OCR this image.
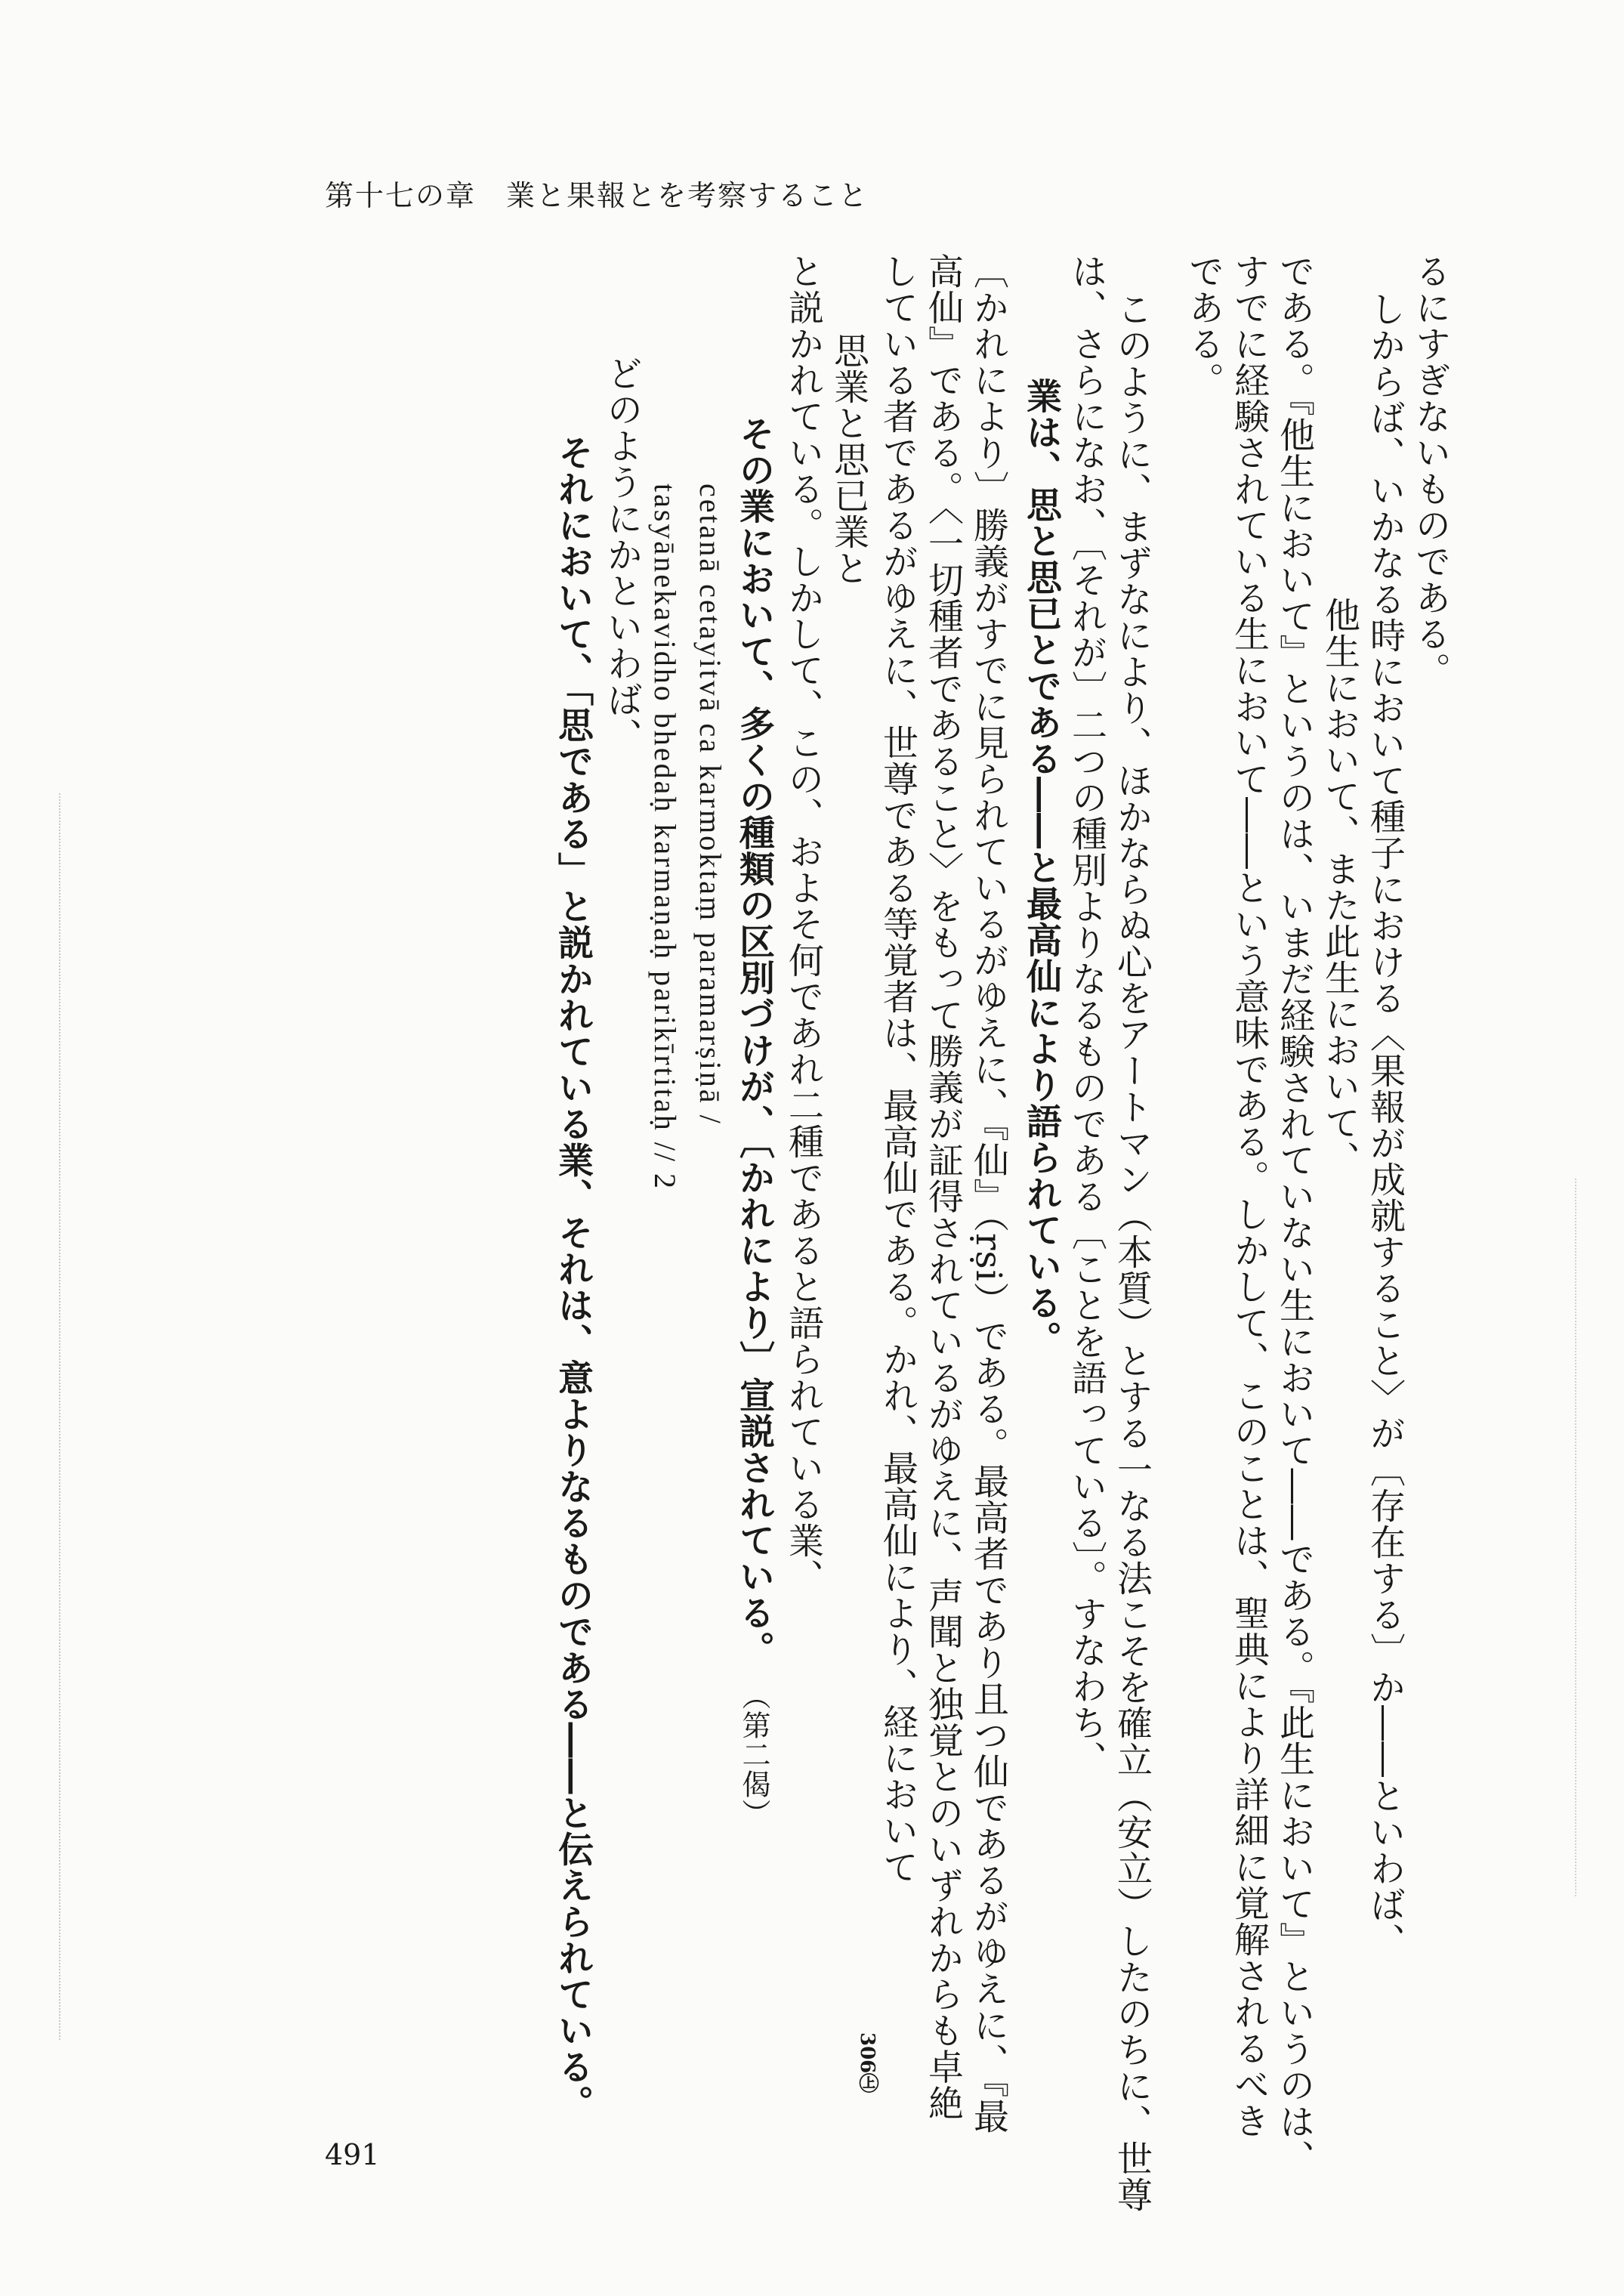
第十七の章　業と果報とを考察すること
るにすぎないものである。
しからば、いかなる時において種子における〈果報が成就すること〉が〔存在する〕か――といわば、
他生において、また此生において、
である。『他生において』というのは、いまだ経験されていない生において――である。『此生において』というのは、
すでに経験されている生において――という意味である。しかして、このことは、聖典により詳細に覚解されるべき
である。
このように、まずなにより、ほかならぬ心をアートマン（本質）とする一なる法こそを確立（安立）したのちに、世尊
は、さらになお、〔それが〕二つの種別よりなるものである〔ことを語っている〕。すなわち、
業は、思と思已とである――と最高仙により語られている。
〔かれにより〕勝義がすでに見られているがゆえに、『仙』（ṛṣi）である。最高者であり且つ仙であるがゆえに、『最
高仙』である。〈一切種者であること〉をもって勝義が証得されているがゆえに、声聞と独覚とのいずれからも卓絶
している者であるがゆえに、世尊である等覚者は、最高仙である。かれ、最高仙により、経において
思業と思已業と
と説かれている。しかして、この、およそ何であれ二種であると語られている業、
その業において、多くの種類の区別づけが、〔かれにより〕宣説されている。
（第二偈）
cetanā cetayitvā ca karmoktaṃ paramarṣiṇā /
tasyānekavidho bhedaḥ karmaṇaḥ parikīrtitaḥ // 2
どのようにかといわば、
それにおいて、「思である」と説かれている業、それは、意よりなるものである――と伝えられている。	306㊤
491
